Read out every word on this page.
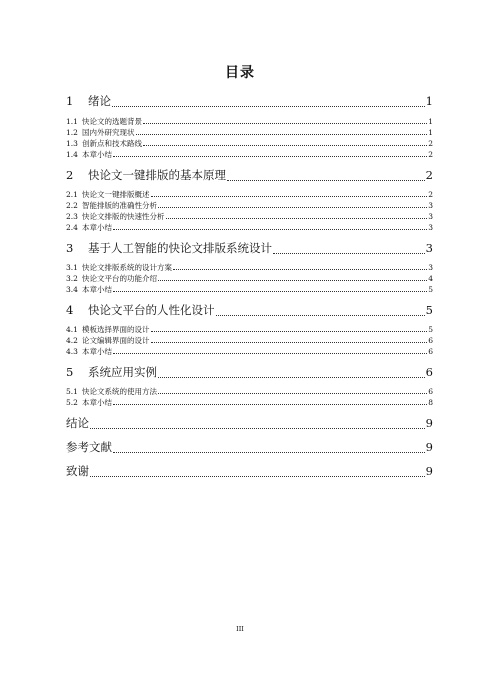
目录
1 绪论	1
1.1 快论文的选题背景	1
1.2 国内外研究现状	1
1.3 创新点和技术路线	2
1.4 本章小结	2
2 快论文一键排版的基本原理	2
2.1 快论文一键排版概述	2
2.2 智能排版的准确性分析	3
2.3 快论文排版的快速性分析	3
2.4 本章小结	3
3 基于人工智能的快论文排版系统设计	3
3.1 快论文排版系统的设计方案	3
3.2 快论文平台的功能介绍	4
3.4 本章小结	5
4 快论文平台的人性化设计	5
4.1 模板选择界面的设计	5
4.2 论文编辑界面的设计	6
4.3 本章小结	6
5 系统应用实例	6
5.1 快论文系统的使用方法	6
5.2 本章小结	8
结论	9
参考文献	9
致谢	9
III
